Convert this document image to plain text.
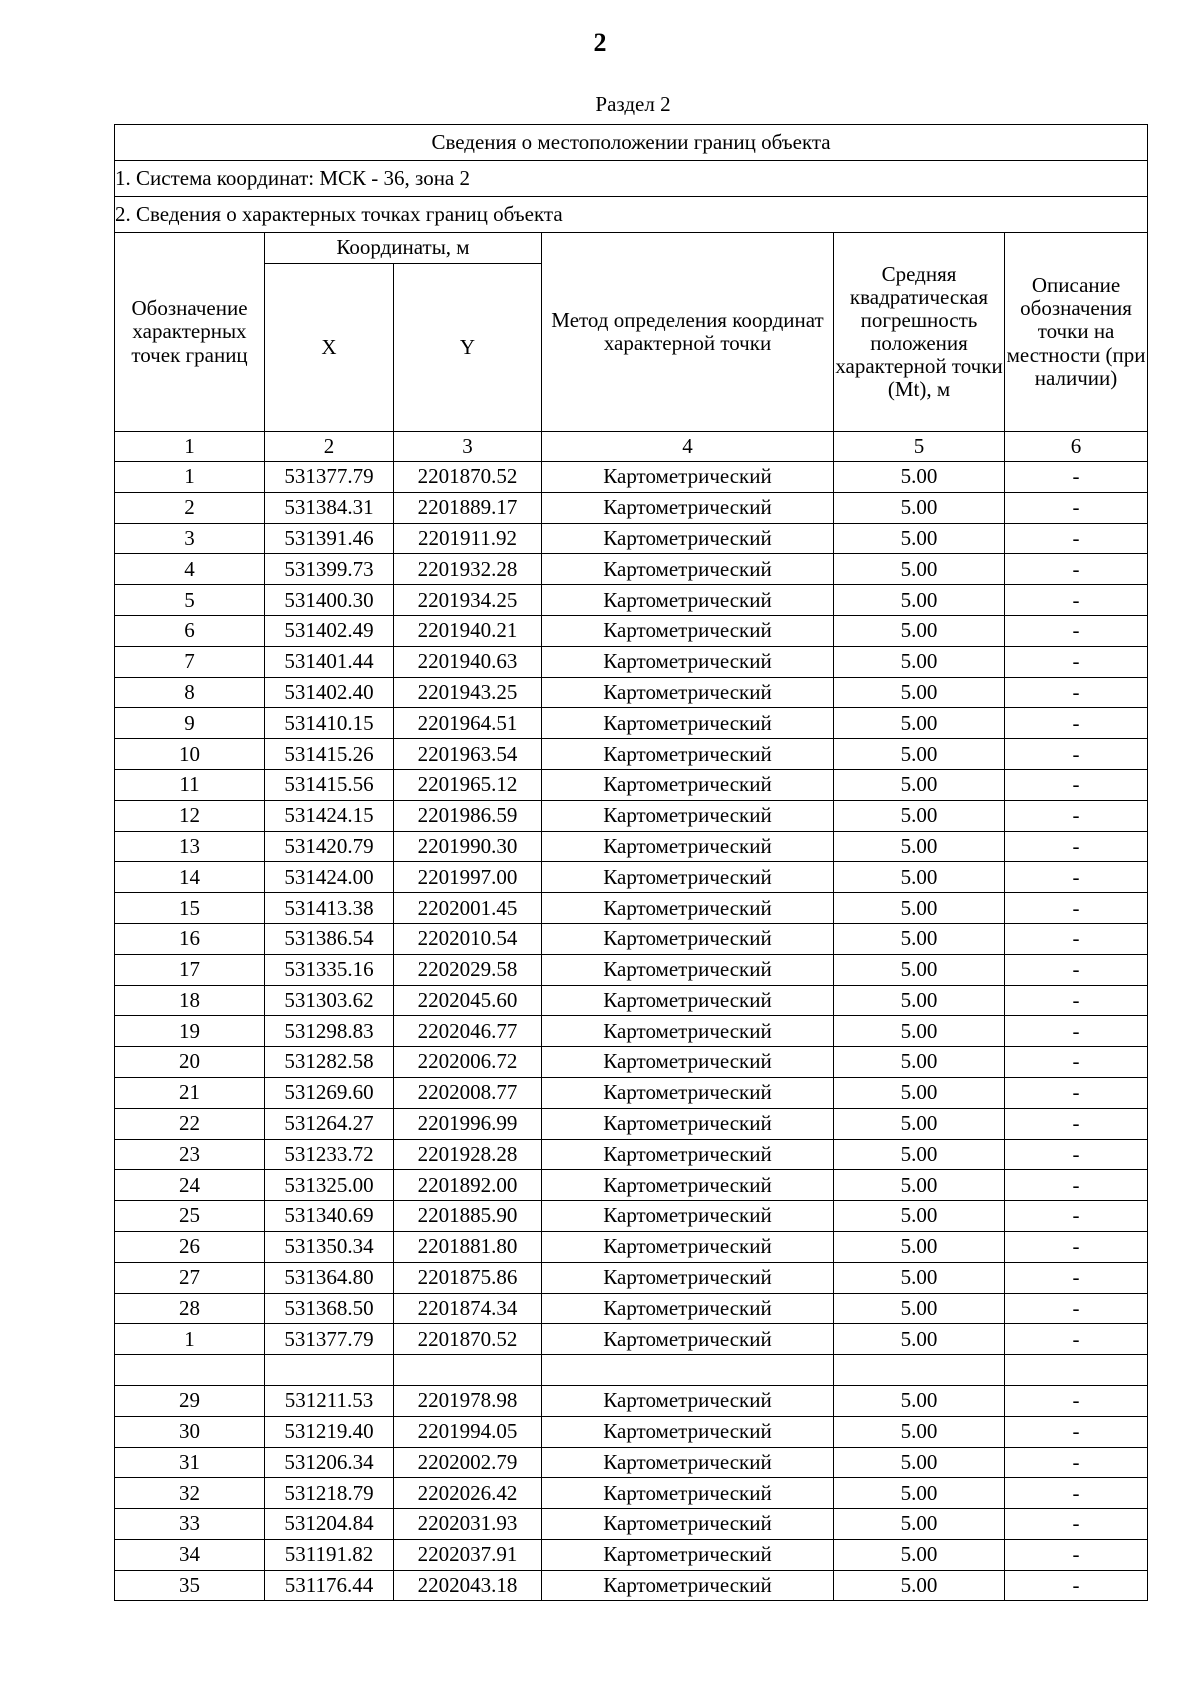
2
Раздел 2
Сведения о местоположении границ объекта					
1. Система координат: МСК - 36, зона 2					
2. Сведения о характерных точках границ объекта					
Обозначение характерных точек границ	Координаты, м		Метод определения координат характерной точки	Средняя квадратическая погрешность положения характерной точки (Mt), м	Описание обозначения точки на местности (при наличии)
	X	Y			
1	2	3	4	5	6
1	531377.79	2201870.52	Картометрический	5.00	-
2	531384.31	2201889.17	Картометрический	5.00	-
3	531391.46	2201911.92	Картометрический	5.00	-
4	531399.73	2201932.28	Картометрический	5.00	-
5	531400.30	2201934.25	Картометрический	5.00	-
6	531402.49	2201940.21	Картометрический	5.00	-
7	531401.44	2201940.63	Картометрический	5.00	-
8	531402.40	2201943.25	Картометрический	5.00	-
9	531410.15	2201964.51	Картометрический	5.00	-
10	531415.26	2201963.54	Картометрический	5.00	-
11	531415.56	2201965.12	Картометрический	5.00	-
12	531424.15	2201986.59	Картометрический	5.00	-
13	531420.79	2201990.30	Картометрический	5.00	-
14	531424.00	2201997.00	Картометрический	5.00	-
15	531413.38	2202001.45	Картометрический	5.00	-
16	531386.54	2202010.54	Картометрический	5.00	-
17	531335.16	2202029.58	Картометрический	5.00	-
18	531303.62	2202045.60	Картометрический	5.00	-
19	531298.83	2202046.77	Картометрический	5.00	-
20	531282.58	2202006.72	Картометрический	5.00	-
21	531269.60	2202008.77	Картометрический	5.00	-
22	531264.27	2201996.99	Картометрический	5.00	-
23	531233.72	2201928.28	Картометрический	5.00	-
24	531325.00	2201892.00	Картометрический	5.00	-
25	531340.69	2201885.90	Картометрический	5.00	-
26	531350.34	2201881.80	Картометрический	5.00	-
27	531364.80	2201875.86	Картометрический	5.00	-
28	531368.50	2201874.34	Картометрический	5.00	-
1	531377.79	2201870.52	Картометрический	5.00	-

29	531211.53	2201978.98	Картометрический	5.00	-
30	531219.40	2201994.05	Картометрический	5.00	-
31	531206.34	2202002.79	Картометрический	5.00	-
32	531218.79	2202026.42	Картометрический	5.00	-
33	531204.84	2202031.93	Картометрический	5.00	-
34	531191.82	2202037.91	Картометрический	5.00	-
35	531176.44	2202043.18	Картометрический	5.00	-
